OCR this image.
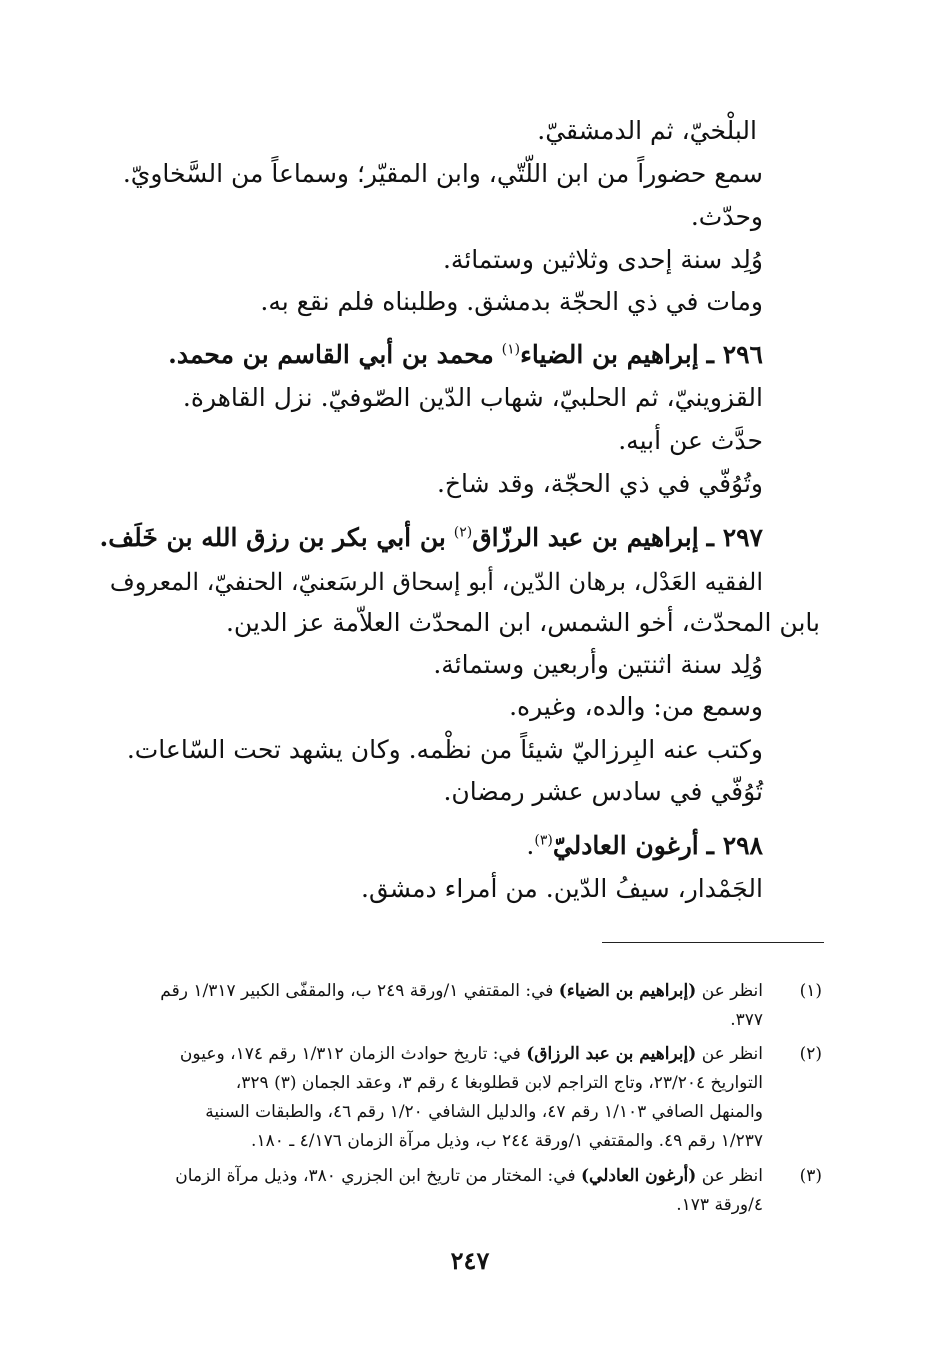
البلْخيّ، ثم الدمشقيّ.
سمع حضوراً من ابن اللّتّي، وابن المقيّر؛ وسماعاً من السَّخاويّ.
وحدّث.
وُلِد سنة إحدى وثلاثين وستمائة.
ومات في ذي الحجّة بدمشق. وطلبناه فلم نقع به.
٢٩٦ ـ إبراهيم بن الضياء$^{(١)}$ محمد بن أبي القاسم بن محمد.
القزوينيّ، ثم الحلبيّ، شهاب الدّين الصّوفيّ. نزل القاهرة.
حدَّث عن أبيه.
وتُوُفّي في ذي الحجّة، وقد شاخ.
٢٩٧ ـ إبراهيم بن عبد الرزّاق$^{(٢)}$ بن أبي بكر بن رزق الله بن خَلَف.
الفقيه العَدْل، برهان الدّين، أبو إسحاق الرسَعنيّ، الحنفيّ، المعروف
بابن المحدّث، أخو الشمس، ابن المحدّث العلاّمة عز الدين.
وُلِد سنة اثنتين وأربعين وستمائة.
وسمع من: والده، وغيره.
وكتب عنه البِرزاليّ شيئاً من نظْمه. وكان يشهد تحت السّاعات.
تُوُفّي في سادس عشر رمضان.
٢٩٨ ـ أرغون العادليّ$^{(٣)}$.
الجَمْدار، سيفُ الدّين. من أمراء دمشق.
(١)
انظر عن (إبراهيم بن الضياء) في: المقتفي ١/ورقة ٢٤٩ ب، والمقفّى الكبير ١/٣١٧ رقم
٣٧٧.
(٢)
انظر عن (إبراهيم بن عبد الرزاق) في: تاريخ حوادث الزمان ١/٣١٢ رقم ١٧٤، وعيون
التواريخ ٢٣/٢٠٤، وتاج التراجم لابن قطلوبغا ٤ رقم ٣، وعقد الجمان (٣) ٣٢٩،
والمنهل الصافي ١/١٠٣ رقم ٤٧، والدليل الشافي ١/٢٠ رقم ٤٦، والطبقات السنية
١/٢٣٧ رقم ٤٩. والمقتفي ١/ورقة ٢٤٤ ب، وذيل مرآة الزمان ٤/١٧٦ ـ ١٨٠.
(٣)
انظر عن (أرغون العادلي) في: المختار من تاريخ ابن الجزري ٣٨٠، وذيل مرآة الزمان
٤/ورقة ١٧٣.
٢٤٧
